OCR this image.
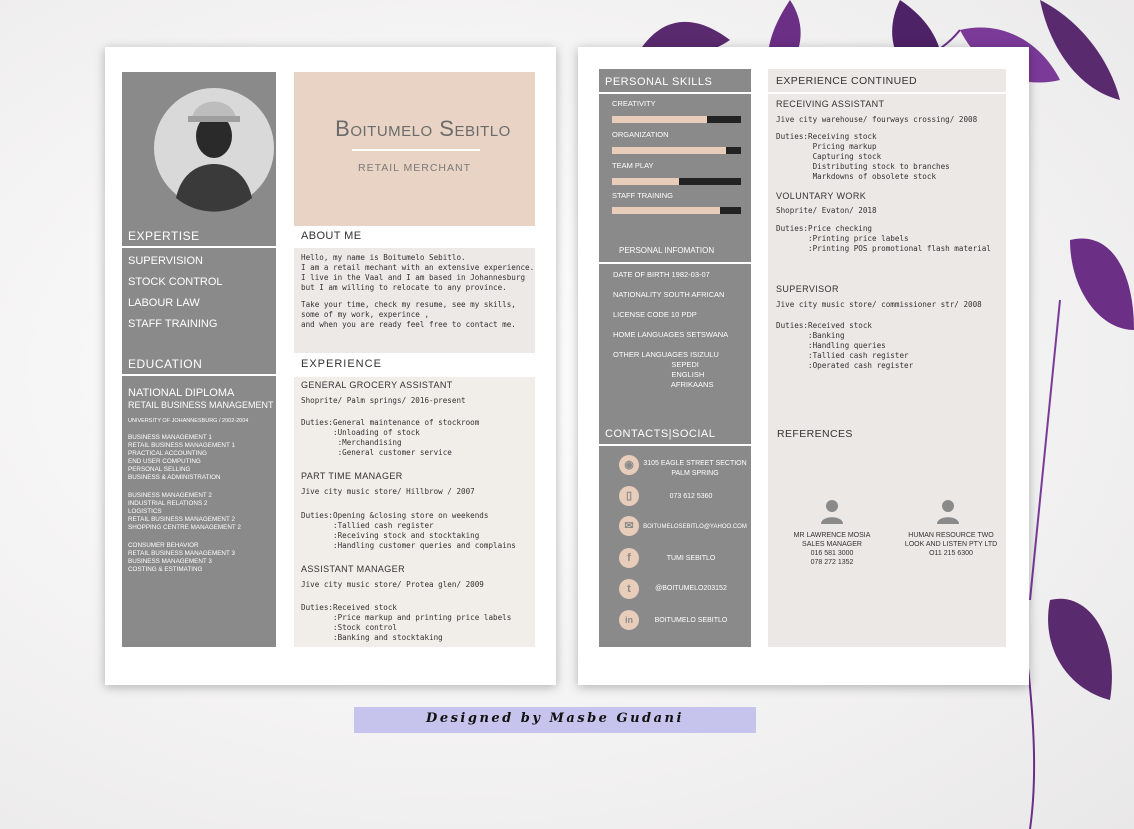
EXPERTISE
SUPERVISION
STOCK CONTROL
LABOUR LAW
STAFF TRAINING
EDUCATION
NATIONAL DIPLOMA
RETAIL BUSINESS MANAGEMENT
UNIVERSITY OF JOHANNESBURG / 2002-2004
BUSINESS MANAGEMENT 1
RETAIL BUSINESS MANAGEMENT 1
PRACTICAL ACCOUNTING
END USER COMPUTING
PERSONAL SELLING
BUSINESS & ADMINISTRATION
BUSINESS MANAGEMENT 2
INDUSTRIAL RELATIONS 2
LOGISTICS
RETAIL BUSINESS MANAGEMENT 2
SHOPPING CENTRE MANAGEMENT 2
CONSUMER BEHAVIOR
RETAIL BUSINESS MANAGEMENT 3
BUSINESS MANAGEMENT 3
COSTING & ESTIMATING
Boitumelo Sebitlo
RETAIL MERCHANT
ABOUT ME
Hello, my name is Boitumelo Sebitlo.
I am a retail mechant with an extensive experience.
I live in the Vaal and I am based in Johannesburg
but I am willing to relocate to any province.
Take your time, check my resume, see my skills,
some of my work, experince ,
and when you are ready feel free to contact me.
EXPERIENCE
GENERAL GROCERY ASSISTANT
Shoprite/ Palm springs/ 2016-present
Duties:General maintenance of stockroom
:Unloading of stock
:Merchandising
:General customer service
PART TIME MANAGER
Jive city music store/ Hillbrow / 2007
Duties:Opening &closing store on weekends
:Tallied cash register
:Receiving stock and stocktaking
:Handling customer queries and complains
ASSISTANT MANAGER
Jive city music store/ Protea glen/ 2009
Duties:Received stock
:Price markup and printing price labels
:Stock control
:Banking and stocktaking
PERSONAL SKILLS
CREATIVITY
ORGANIZATION
TEAM PLAY
STAFF TRAINING
PERSONAL INFOMATION
DATE OF BIRTH 1982-03-07
NATIONALITY SOUTH AFRICAN
LICENSE CODE 10 PDP
HOME LANGUAGES SETSWANA
OTHER LANGUAGES ISIZULU
SEPEDI
ENGLISH
AFRIKAANS
CONTACTS|SOCIAL
◉	3105 EAGLE STREET SECTION
PALM SPRING
▯	073 612 5360
✉	BOITUMELOSEBITLO@YAHOO.COM
f	TUMI SEBITLO
t	@BOITUMELO203152
in	BOITUMELO SEBITLO
EXPERIENCE CONTINUED
RECEIVING ASSISTANT
Jive city warehouse/ fourways crossing/ 2008
Duties:Receiving stock
Pricing markup
Capturing stock
Distributing stock to branches
Markdowns of obsolete stock
VOLUNTARY WORK
Shoprite/ Evaton/ 2018
Duties:Price checking
:Printing price labels
:Printing POS promotional flash material
SUPERVISOR
Jive city music store/ commissioner str/ 2008
Duties:Received stock
:Banking
:Handling queries
:Tallied cash register
:Operated cash register
REFERENCES
MR LAWRENCE MOSIA
SALES MANAGER
016 581 3000
078 272 1352
HUMAN RESOURCE TWO
LOOK AND LISTEN PTY LTD
O11 215 6300
Designed by Masbe Gudani
